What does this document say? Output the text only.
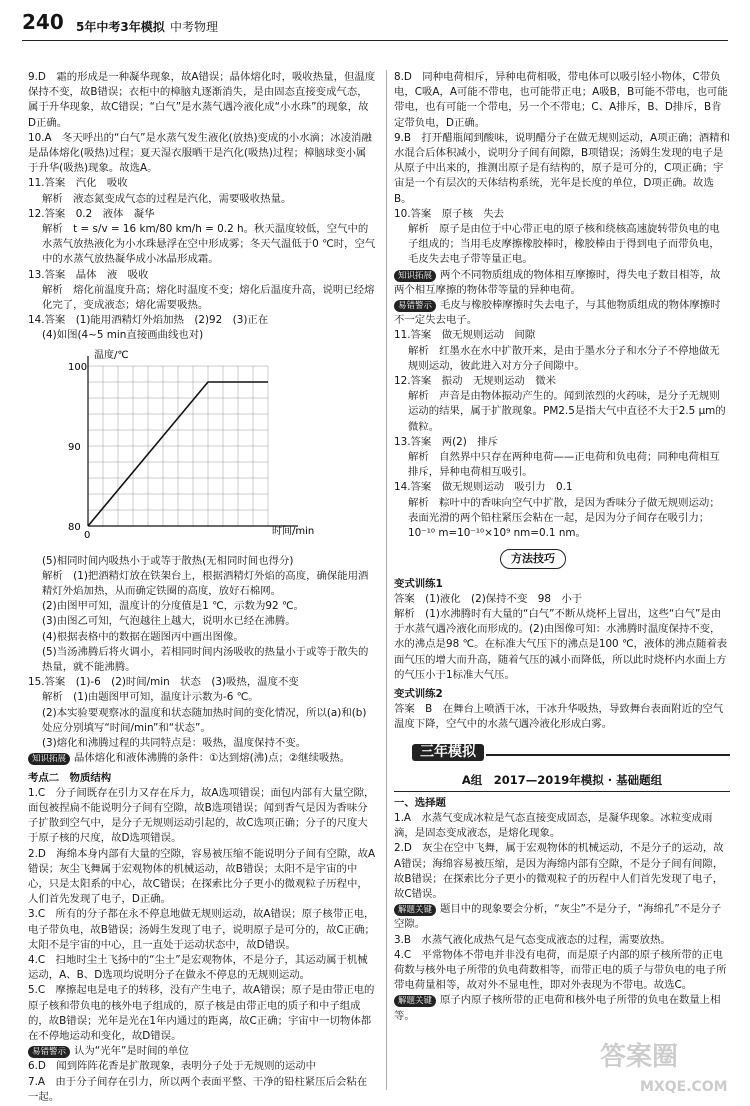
240 5年中考3年模拟 中考物理

9.D　霜的形成是一种凝华现象，故A错误；晶体熔化时，吸收热量，但温度保持不变，故B错误；衣柜中的樟脑丸逐渐消失，是由固态直接变成气态，属于升华现象，故C错误；“白气”是水蒸气遇冷液化成“小水珠”的现象，故D正确。

10.A　冬天呼出的“白气”是水蒸气发生液化(放热)变成的小水滴；冰凌消融是晶体熔化(吸热)过程；夏天湿衣服晒干是汽化(吸热)过程；樟脑球变小属于升华(吸热)现象。故选A。

11.答案　汽化　吸收

解析　液态氮变成气态的过程是汽化，需要吸收热量。

12.答案　0.2　液体　凝华

解析　t = s/v = 16 km/80 km/h = 0.2 h。秋天温度较低，空气中的水蒸气放热液化为小水珠悬浮在空中形成雾；冬天气温低于0 ℃时，空气中的水蒸气放热凝华成小冰晶形成霜。

13.答案　晶体　液　吸收

解析　熔化前温度升高；熔化时温度不变；熔化后温度升高，说明已经熔化完了，变成液态；熔化需要吸热。

14.答案　(1)能用酒精灯外焰加热　(2)92　(3)正在

(4)如图(4~5 min直接画曲线也对)

温度/℃
时间/min
80
90
100
0

(5)相同时间内吸热小于或等于散热(无相同时间也得分)

解析　(1)把酒精灯放在铁架台上，根据酒精灯外焰的高度，确保能用酒精灯外焰加热，从而确定铁圈的高度，放好石棉网。

(2)由图甲可知，温度计的分度值是1 ℃，示数为92 ℃。

(3)由图乙可知，气泡越往上越大，说明水已经在沸腾。

(4)根据表格中的数据在题图丙中画出图像。

(5)当汤沸腾后将火调小，若相同时间内汤吸收的热量小于或等于散失的热量，就不能沸腾。

15.答案　(1)-6　(2)时间/min　状态　(3)吸热，温度不变

解析　(1)由题图甲可知，温度计示数为-6 ℃。

(2)本实验要观察冰的温度和状态随加热时间的变化情况，所以(a)和(b)处应分别填写“时间/min”和“状态”。

(3)熔化和沸腾过程的共同特点是：吸热，温度保持不变。

知识拓展 晶体熔化和液体沸腾的条件：①达到熔(沸)点；②继续吸热。

考点二　物质结构

1.C　分子间既存在引力又存在斥力，故A选项错误；面包内部有大量空隙，面包被捏扁不能说明分子间有空隙，故B选项错误；闻到香气是因为香味分子扩散到空气中，是分子无规则运动引起的，故C选项正确；分子的尺度大于原子核的尺度，故D选项错误。

2.D　海绵本身内部有大量的空隙，容易被压缩不能说明分子间有空隙，故A错误；灰尘飞舞属于宏观物体的机械运动，故B错误；太阳不是宇宙的中心，只是太阳系的中心，故C错误；在探索比分子更小的微观粒子历程中，人们首先发现了电子，D正确。

3.C　所有的分子都在永不停息地做无规则运动，故A错误；原子核带正电，电子带负电，故B错误；汤姆生发现了电子，说明原子是可分的，故C正确；太阳不是宇宙的中心，且一直处于运动状态中，故D错误。

4.C　扫地时尘土飞扬中的“尘土”是宏观物体，不是分子，其运动属于机械运动，A、B、D选项均说明分子在做永不停息的无规则运动。

5.C　摩擦起电是电子的转移，没有产生电子，故A错误；原子是由带正电的原子核和带负电的核外电子组成的，原子核是由带正电的质子和中子组成的，故B错误；光年是光在1年内通过的距离，故C正确；宇宙中一切物体都在不停地运动和变化，故D错误。

易错警示 认为“光年”是时间的单位

6.D　闻到阵阵花香是扩散现象，表明分子处于无规则的运动中

7.A　由于分子间存在引力，所以两个表面平整、干净的铅柱紧压后会粘在一起。

8.D　同种电荷相斥，异种电荷相吸，带电体可以吸引轻小物体，C带负电，C吸A，A可能不带电，也可能带正电；A吸B，B可能不带电，也可能带电，也有可能一个带电，另一个不带电；C、A排斥，B、D排斥，B肯定带负电，D正确。

9.B　打开醋瓶闻到酸味，说明醋分子在做无规则运动，A项正确；酒精和水混合后体积减小，说明分子间有间隙，B项错误；汤姆生发现的电子是从原子中出来的，推测出原子是有结构的，原子是可分的，C项正确；宇宙是一个有层次的天体结构系统，光年是长度的单位，D项正确。故选B。

10.答案　原子核　失去

解析　原子是由位于中心带正电的原子核和绕核高速旋转带负电的电子组成的；当用毛皮摩擦橡胶棒时，橡胶棒由于得到电子而带负电，毛皮失去电子带等量正电。

知识拓展 两个不同物质组成的物体相互摩擦时，得失电子数目相等，故两个相互摩擦的物体带等量的异种电荷。

易错警示 毛皮与橡胶棒摩擦时失去电子，与其他物质组成的物体摩擦时不一定失去电子。

11.答案　做无规则运动　间隙

解析　红墨水在水中扩散开来，是由于墨水分子和水分子不停地做无规则运动，彼此进入对方分子间隙中。

12.答案　振动　无规则运动　微米

解析　声音是由物体振动产生的。闻到浓烈的火药味，是分子无规则运动的结果，属于扩散现象。PM2.5是指大气中直径不大于2.5 μm的微粒。

13.答案　两(2)　排斥

解析　自然界中只存在两种电荷——正电荷和负电荷；同种电荷相互排斥，异种电荷相互吸引。

14.答案　做无规则运动　吸引力　0.1

解析　粽叶中的香味向空气中扩散，是因为香味分子做无规则运动；表面光滑的两个铅柱紧压会粘在一起，是因为分子间存在吸引力；10⁻¹⁰ m=10⁻¹⁰×10⁹ nm=0.1 nm。

方法技巧

变式训练1

答案　(1)液化　(2)保持不变　98　小于

解析　(1)水沸腾时有大量的“白气”不断从烧杯上冒出，这些“白气”是由于水蒸气遇冷液化而形成的。(2)由图像可知：水沸腾时温度保持不变，水的沸点是98 ℃。在标准大气压下的沸点是100 ℃，液体的沸点随着表面气压的增大而升高，随着气压的减小而降低，所以此时烧杯内水面上方的气压小于1标准大气压。

变式训练2

答案　B　在舞台上喷洒干冰，干冰升华吸热，导致舞台表面附近的空气温度下降，空气中的水蒸气遇冷液化形成白雾。

三年模拟
A组　2017—2019年模拟 · 基础题组

一、选择题

1.A　水蒸气变成冰粒是气态直接变成固态，是凝华现象。冰粒变成雨滴，是固态变成液态，是熔化现象。

2.D　灰尘在空中飞舞，属于宏观物体的机械运动，不是分子的运动，故A错误；海绵容易被压缩，是因为海绵内部有空隙，不是分子间有间隙，故B错误；在探索比分子更小的微观粒子的历程中人们首先发现了电子，故C错误。

解题关键 题目中的现象要会分析，“灰尘”不是分子，“海绵孔”不是分子空隙。

3.B　水蒸气液化成热气是气态变成液态的过程，需要放热。

4.C　平常物体不带电并非没有电荷，而是原子内部的原子核所带的正电荷数与核外电子所带的负电荷数相等，而带正电的质子与带负电的电子所带电荷量相等，故对外不显电性，即对外表现为不带电。故选C。

解题关键 原子内原子核所带的正电荷和核外电子所带的负电在数量上相等。

答案圈
MXQE.COM
